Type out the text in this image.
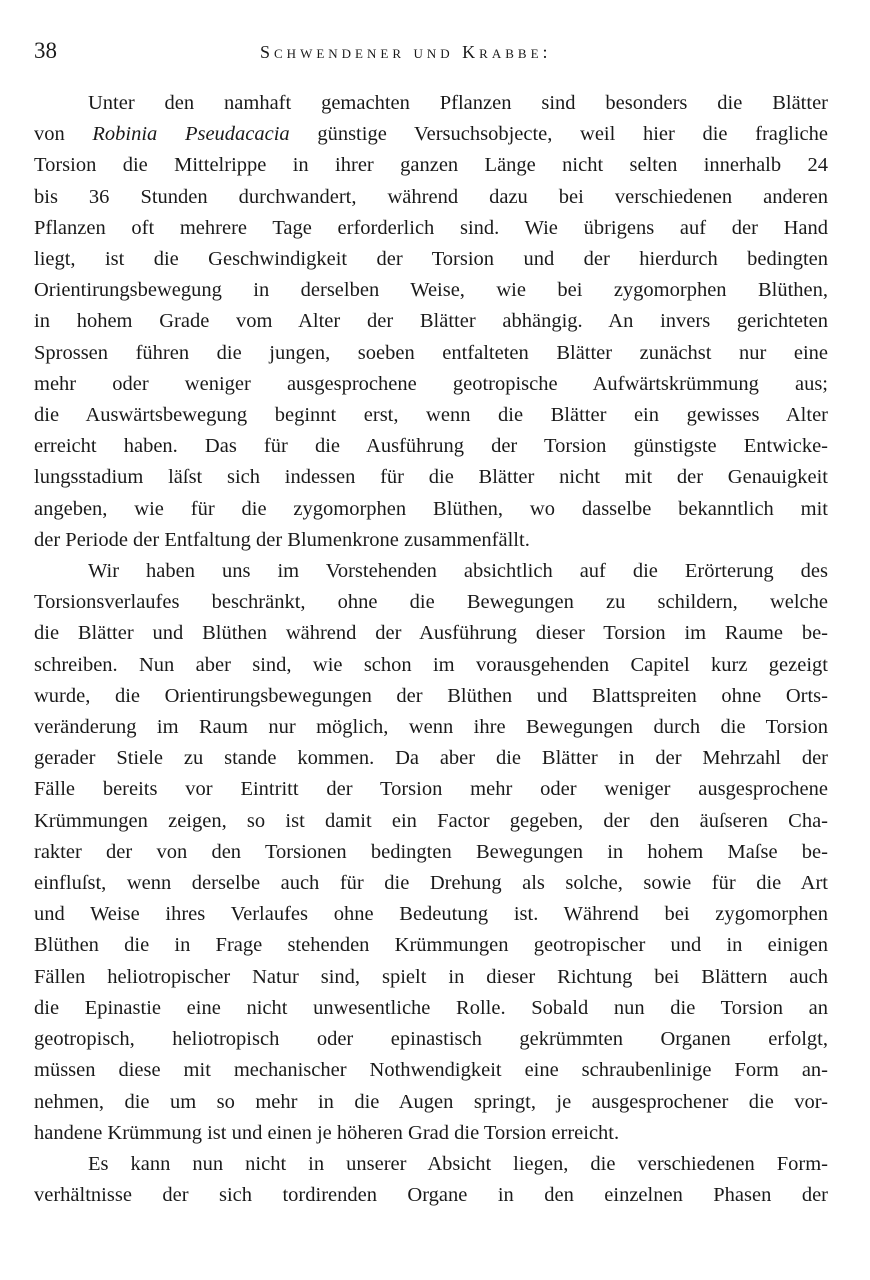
38	Schwendener und Krabbe:
Unter den namhaft gemachten Pflanzen sind besonders die Blätter
von Robinia Pseudacacia günstige Versuchsobjecte, weil hier die fragliche
Torsion die Mittelrippe in ihrer ganzen Länge nicht selten innerhalb 24
bis 36 Stunden durchwandert, während dazu bei verschiedenen anderen
Pflanzen oft mehrere Tage erforderlich sind. Wie übrigens auf der Hand
liegt, ist die Geschwindigkeit der Torsion und der hierdurch bedingten
Orientirungsbewegung in derselben Weise, wie bei zygomorphen Blüthen,
in hohem Grade vom Alter der Blätter abhängig. An invers gerichteten
Sprossen führen die jungen, soeben entfalteten Blätter zunächst nur eine
mehr oder weniger ausgesprochene geotropische Aufwärtskrümmung aus;
die Auswärtsbewegung beginnt erst, wenn die Blätter ein gewisses Alter
erreicht haben. Das für die Ausführung der Torsion günstigste Entwicke-
lungsstadium läſst sich indessen für die Blätter nicht mit der Genauigkeit
angeben, wie für die zygomorphen Blüthen, wo dasselbe bekanntlich mit
der Periode der Entfaltung der Blumenkrone zusammenfällt.
Wir haben uns im Vorstehenden absichtlich auf die Erörterung des
Torsionsverlaufes beschränkt, ohne die Bewegungen zu schildern, welche
die Blätter und Blüthen während der Ausführung dieser Torsion im Raume be-
schreiben. Nun aber sind, wie schon im vorausgehenden Capitel kurz gezeigt
wurde, die Orientirungsbewegungen der Blüthen und Blattspreiten ohne Orts-
veränderung im Raum nur möglich, wenn ihre Bewegungen durch die Torsion
gerader Stiele zu stande kommen. Da aber die Blätter in der Mehrzahl der
Fälle bereits vor Eintritt der Torsion mehr oder weniger ausgesprochene
Krümmungen zeigen, so ist damit ein Factor gegeben, der den äuſseren Cha-
rakter der von den Torsionen bedingten Bewegungen in hohem Maſse be-
einfluſst, wenn derselbe auch für die Drehung als solche, sowie für die Art
und Weise ihres Verlaufes ohne Bedeutung ist. Während bei zygomorphen
Blüthen die in Frage stehenden Krümmungen geotropischer und in einigen
Fällen heliotropischer Natur sind, spielt in dieser Richtung bei Blättern auch
die Epinastie eine nicht unwesentliche Rolle. Sobald nun die Torsion an
geotropisch, heliotropisch oder epinastisch gekrümmten Organen erfolgt,
müssen diese mit mechanischer Nothwendigkeit eine schraubenlinige Form an-
nehmen, die um so mehr in die Augen springt, je ausgesprochener die vor-
handene Krümmung ist und einen je höheren Grad die Torsion erreicht.
Es kann nun nicht in unserer Absicht liegen, die verschiedenen Form-
verhältnisse der sich tordirenden Organe in den einzelnen Phasen der
